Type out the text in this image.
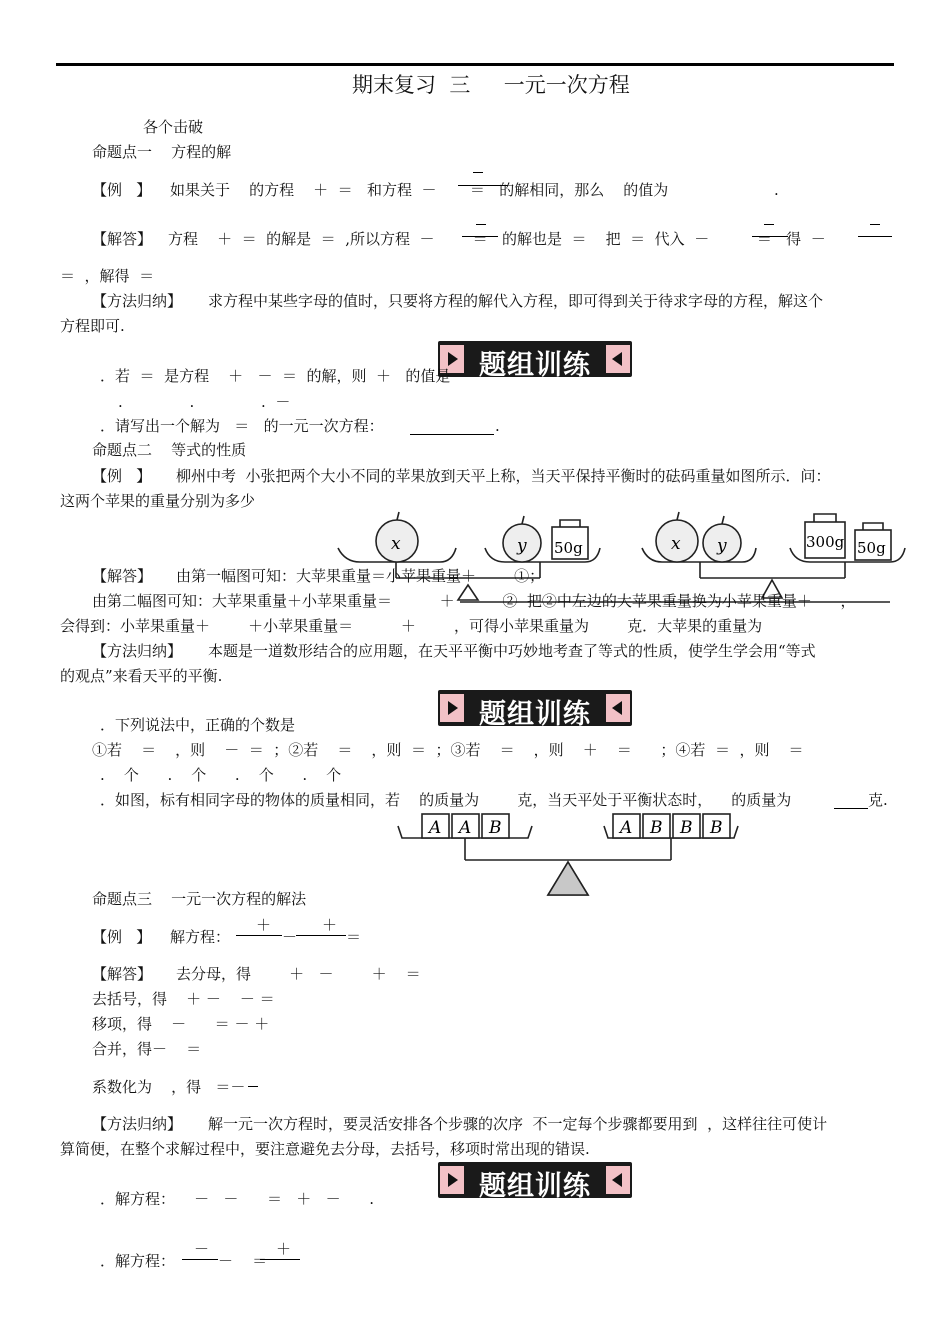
期末复习  三     一元一次方程
各个击破
命题点一    方程的解
【例   】 如果关于    的方程    ＋  ＝   和方程  －       ＝   的解相同，那么    的值为	.
【解答】 方程    ＋  ＝  的解是  ＝  ,所以方程  －        ＝   的解也是  ＝    把  ＝  代入  －          ＝   得  －
＝  ，解得  ＝
【方法归纳】 求方程中某些字母的值时，只要将方程的解代入方程，即可得到关于待求字母的方程，解这个
方程即可.
题组训练
．若  ＝  是方程    ＋   －  ＝  的解，则  ＋   的值是
.              .              .  －
．请写出一个解为   ＝   的一元一次方程：	.
命题点二    等式的性质
【例   】 柳州中考  小张把两个大小不同的苹果放到天平上称，当天平保持平衡时的砝码重量如图所示．问：
这两个苹果的重量分别为多少
x	y 50g	x y	300g 50g
【解答】 由第一幅图可知：大苹果重量＝小苹果重量＋        ①；
由第二幅图可知：大苹果重量＋小苹果重量＝          ＋          ②  把②中左边的大苹果重量换为小苹果重量＋      ，
会得到：小苹果重量＋        ＋小苹果重量＝          ＋        ，可得小苹果重量为        克．大苹果的重量为
【方法归纳】 本题是一道数形结合的应用题，在天平平衡中巧妙地考查了等式的性质，使学生学会用“等式
的观点”来看天平的平衡.
题组训练
．下列说法中，正确的个数是
①若    ＝    ，则    －  ＝  ；②若    ＝    ，则  ＝  ；③若    ＝    ，则    ＋    ＝      ；④若  ＝  ，则    ＝
.    个      .    个      .    个      .    个
．如图，标有相同字母的物体的质量相同，若    的质量为        克，当天平处于平衡状态时，    的质量为	克.
A A B	A B B B
命题点三    一元一次方程的解法
【例   】 解方程：
＋
－
＋
＝
【解答】 去分母，得        ＋   －        ＋    ＝
去括号，得    ＋ －    － ＝
移项，得    －      ＝ － ＋
合并，得－    ＝
系数化为    ，得   ＝－
【方法归纳】 解一元一次方程时，要灵活安排各个步骤的次序  不一定每个步骤都要用到  ，这样往往可使计
算简便，在整个求解过程中，要注意避免去分母，去括号，移项时常出现的错误.
题组训练
．解方程：    －   －      ＝   ＋   －      .
．解方程：
－
－    ＝
＋
